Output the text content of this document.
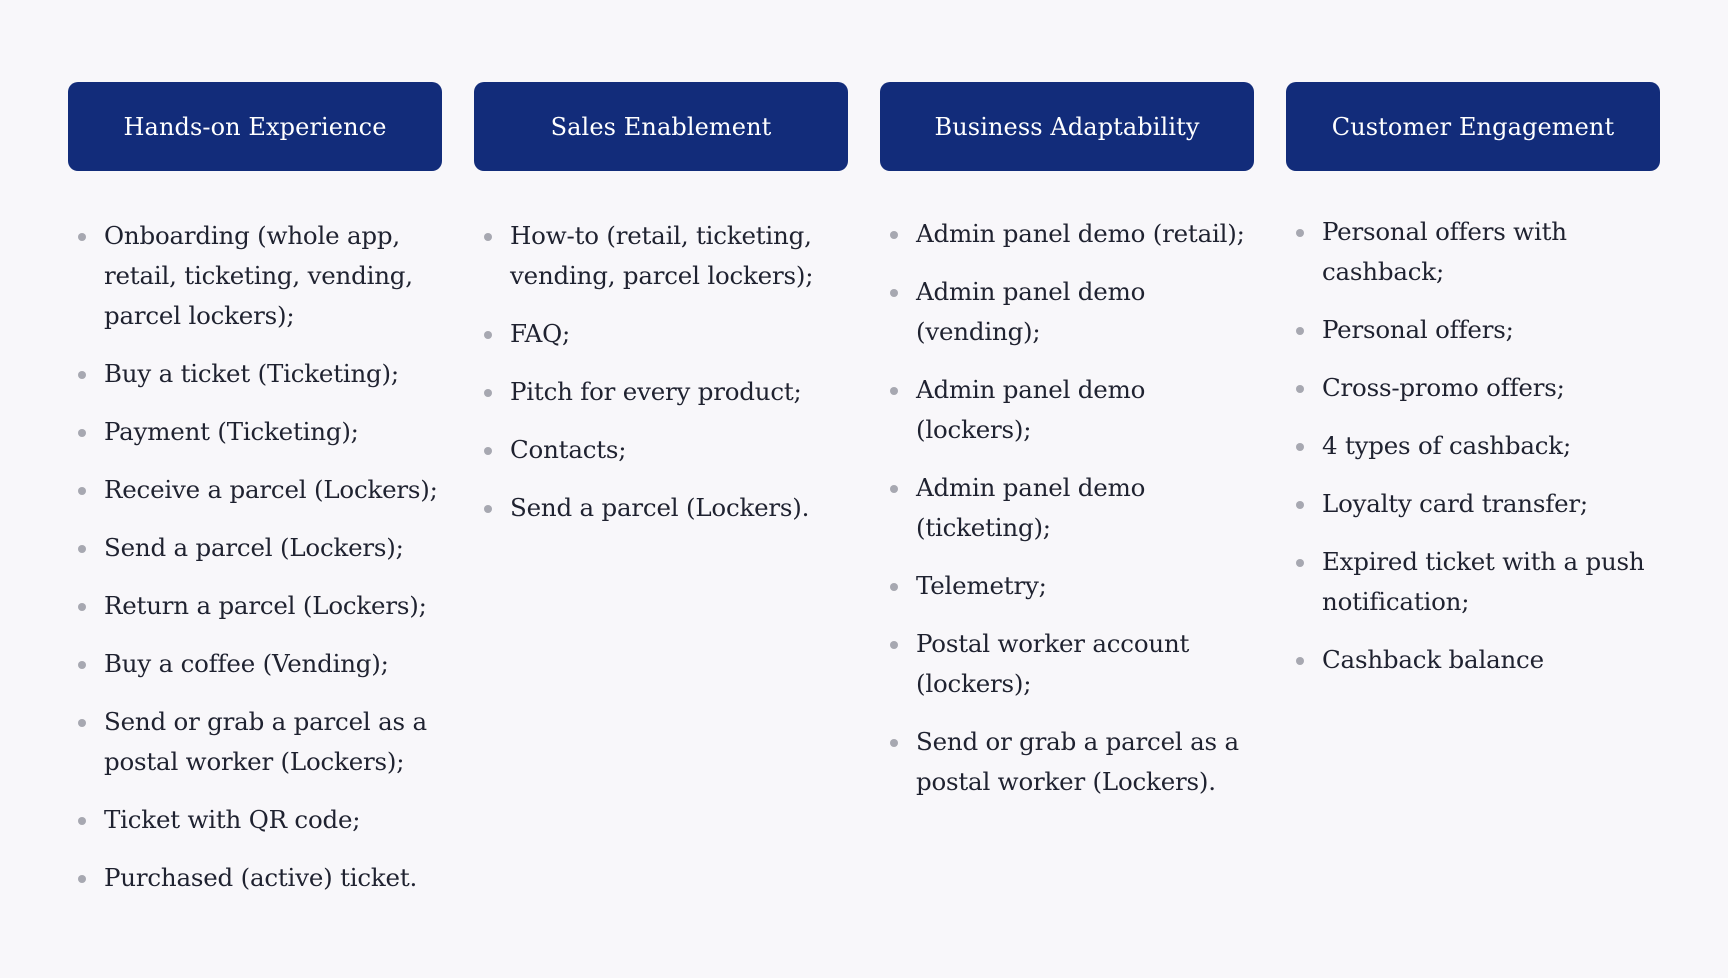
Hands-on Experience
Onboarding (whole app, retail, ticketing, vending, parcel lockers);
Buy a ticket (Ticketing);
Payment (Ticketing);
Receive a parcel (Lockers);
Send a parcel (Lockers);
Return a parcel (Lockers);
Buy a coffee (Vending);
Send or grab a parcel as a postal worker (Lockers);
Ticket with QR code;
Purchased (active) ticket.
Sales Enablement
How-to (retail, ticketing, vending, parcel lockers);
FAQ;
Pitch for every product;
Contacts;
Send a parcel (Lockers).
Business Adaptability
Admin panel demo (retail);
Admin panel demo (vending);
Admin panel demo (lockers);
Admin panel demo (ticketing);
Telemetry;
Postal worker account (lockers);
Send or grab a parcel as a postal worker (Lockers).
Customer Engagement
Personal offers with cashback;
Personal offers;
Cross-promo offers;
4 types of cashback;
Loyalty card transfer;
Expired ticket with a push notification;
Cashback balance
